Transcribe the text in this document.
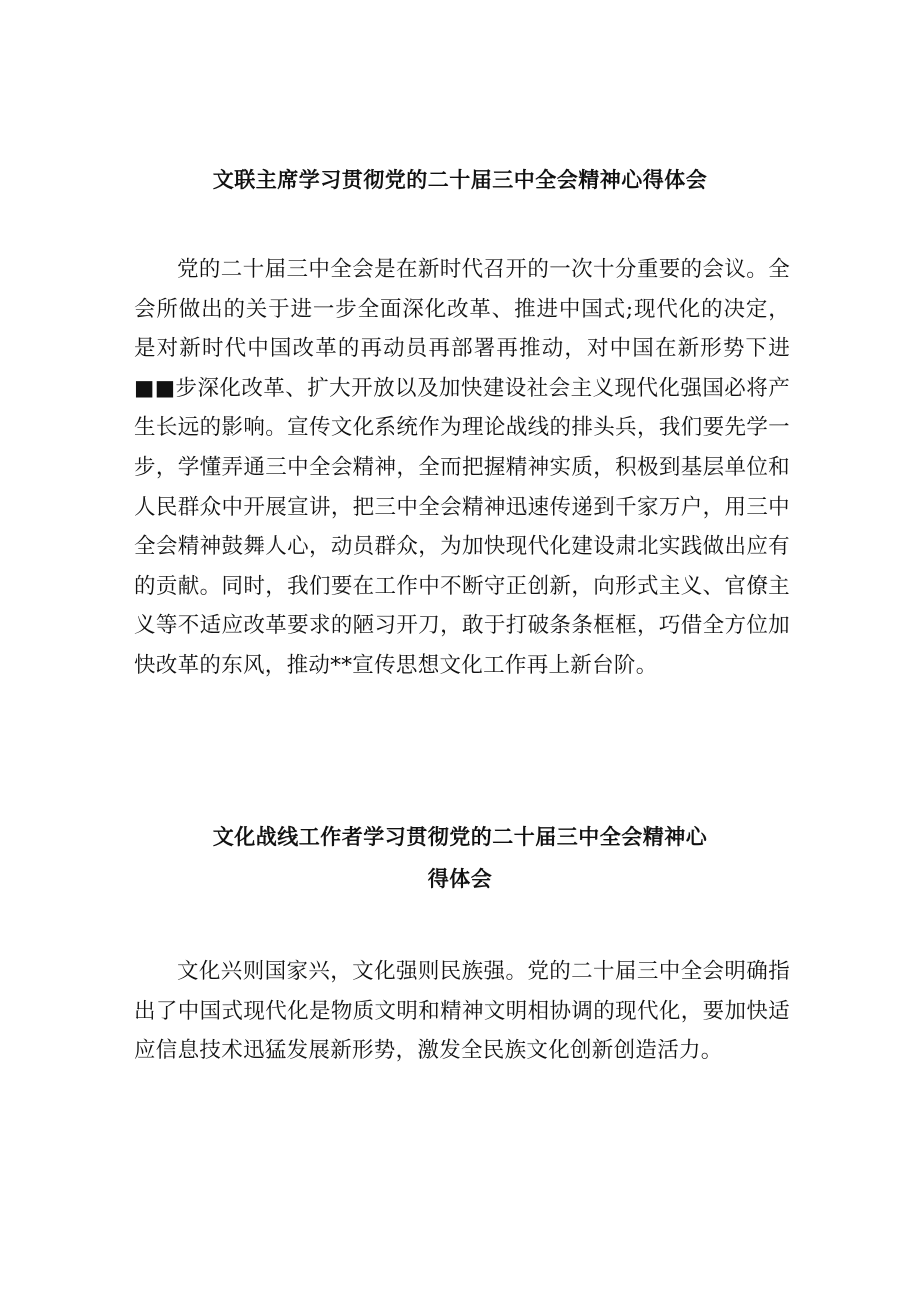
文联主席学习贯彻党的二十届三中全会精神心得体会

党的二十届三中全会是在新时代召开的一次十分重要的会议。全会所做出的关于进一步全面深化改革、推进中国式;现代化的决定，是对新时代中国改革的再动员再部署再推动，对中国在新形势下进■■步深化改革、扩大开放以及加快建设社会主义现代化强国必将产生长远的影响。宣传文化系统作为理论战线的排头兵，我们要先学一步，学懂弄通三中全会精神，全而把握精神实质，积极到基层单位和人民群众中开展宣讲，把三中全会精神迅速传递到千家万户，用三中全会精神鼓舞人心，动员群众，为加快现代化建设肃北实践做出应有的贡献。同时，我们要在工作中不断守正创新，向形式主义、官僚主义等不适应改革要求的陋习开刀，敢于打破条条框框，巧借全方位加快改革的东风，推动**宣传思想文化工作再上新台阶。

文化战线工作者学习贯彻党的二十届三中全会精神心
得体会

文化兴则国家兴，文化强则民族强。党的二十届三中全会明确指出了中国式现代化是物质文明和精神文明相协调的现代化，要加快适应信息技术迅猛发展新形势，激发全民族文化创新创造活力。
